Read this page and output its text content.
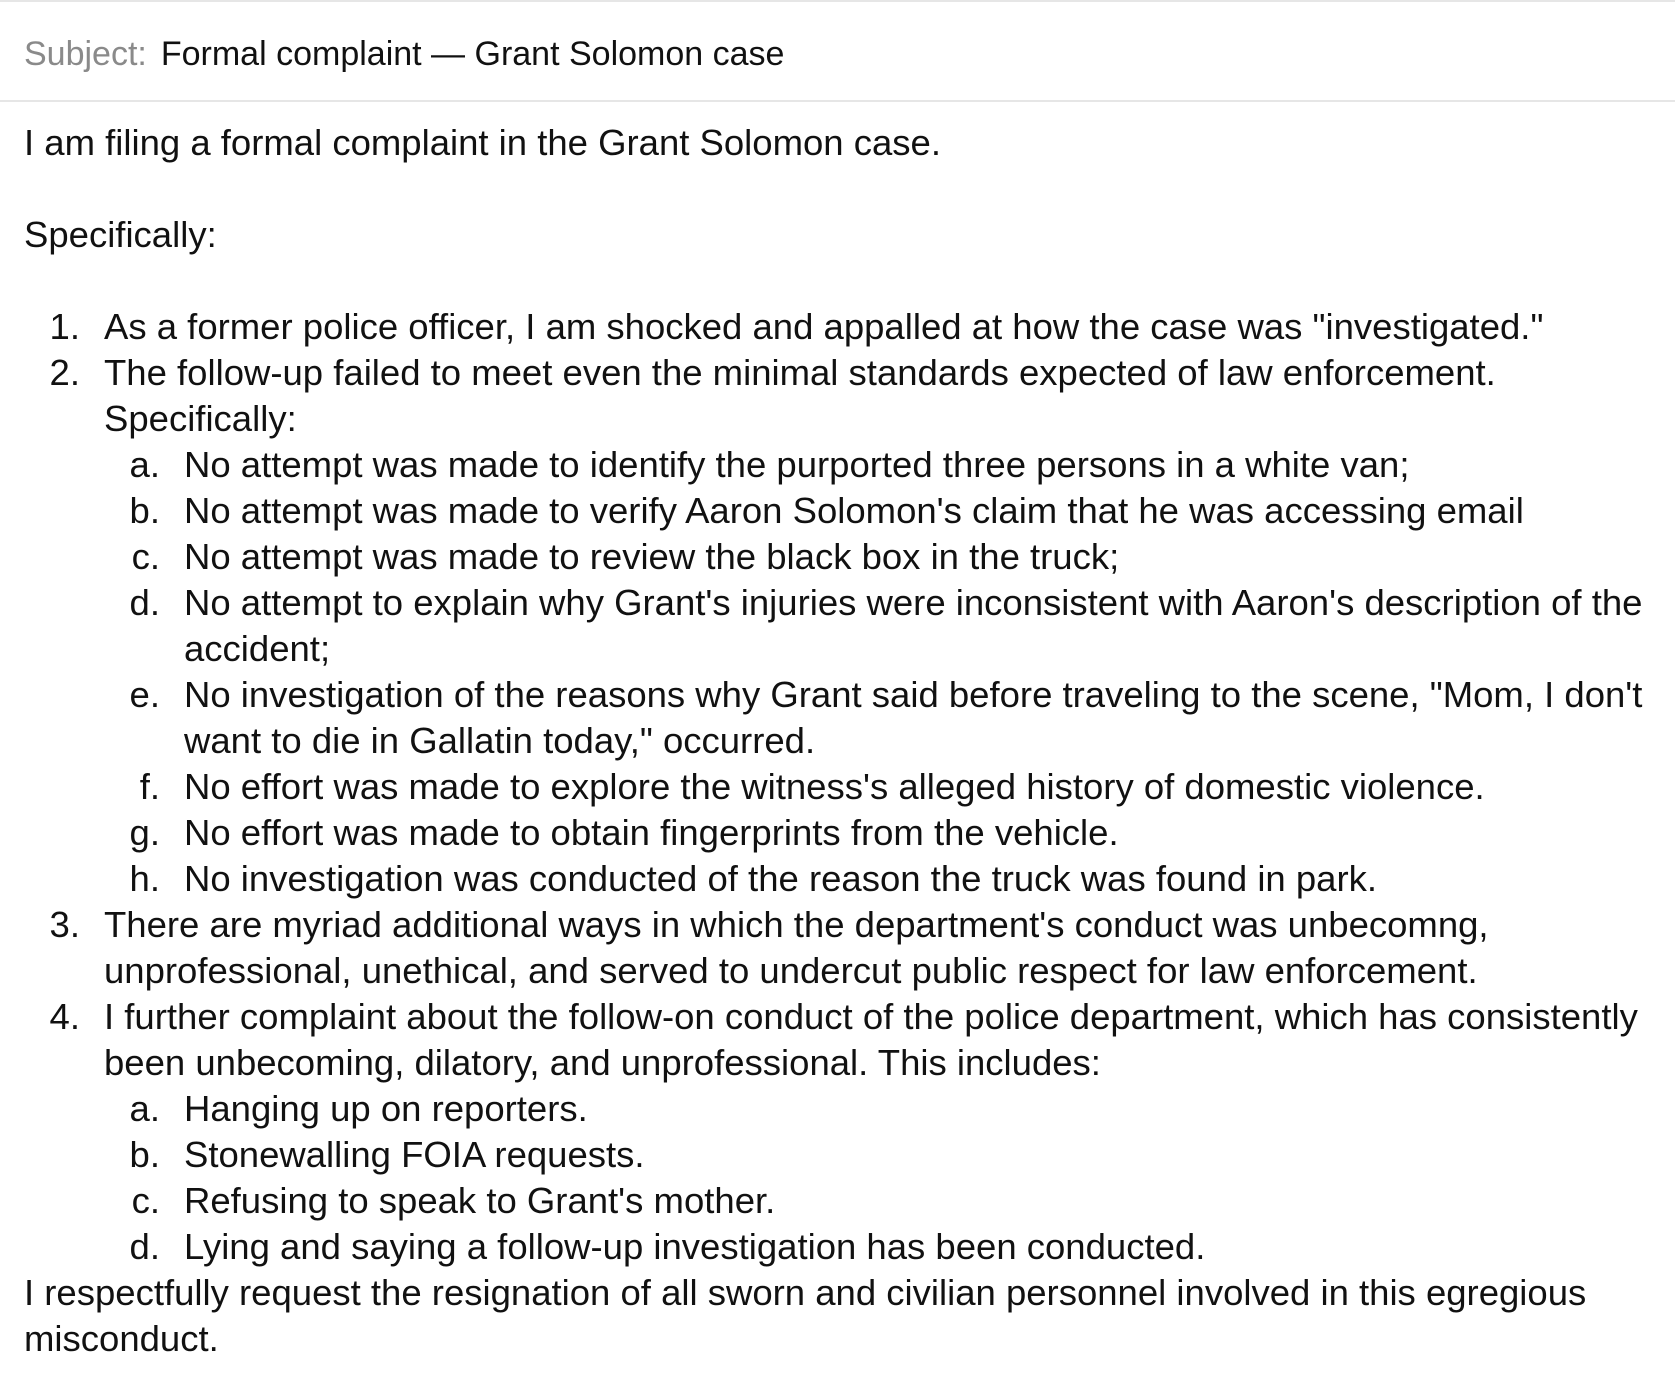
Subject: Formal complaint — Grant Solomon case

I am filing a formal complaint in the Grant Solomon case.

Specifically:

1. As a former police officer, I am shocked and appalled at how the case was "investigated."
2. The follow-up failed to meet even the minimal standards expected of law enforcement. Specifically:
a. No attempt was made to identify the purported three persons in a white van;
b. No attempt was made to verify Aaron Solomon's claim that he was accessing email
c. No attempt was made to review the black box in the truck;
d. No attempt to explain why Grant's injuries were inconsistent with Aaron's description of the accident;
e. No investigation of the reasons why Grant said before traveling to the scene, "Mom, I don't want to die in Gallatin today," occurred.
f. No effort was made to explore the witness's alleged history of domestic violence.
g. No effort was made to obtain fingerprints from the vehicle.
h. No investigation was conducted of the reason the truck was found in park.
3. There are myriad additional ways in which the department's conduct was unbecomng, unprofessional, unethical, and served to undercut public respect for law enforcement.
4. I further complaint about the follow-on conduct of the police department, which has consistently been unbecoming, dilatory, and unprofessional. This includes:
a. Hanging up on reporters.
b. Stonewalling FOIA requests.
c. Refusing to speak to Grant's mother.
d. Lying and saying a follow-up investigation has been conducted.

I respectfully request the resignation of all sworn and civilian personnel involved in this egregious misconduct.
